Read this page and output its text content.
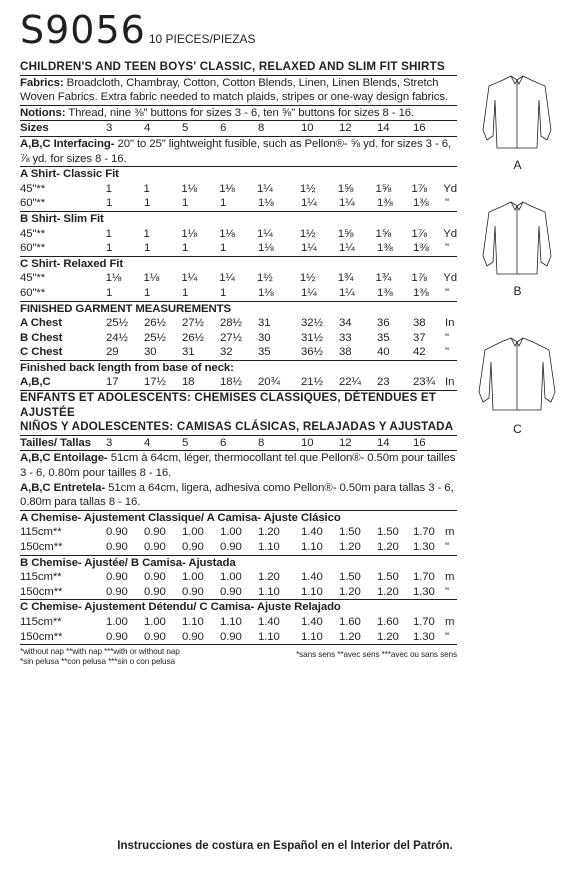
S9056 10 PIECES/PIEZAS
CHILDREN'S AND TEEN BOYS' CLASSIC, RELAXED AND SLIM FIT SHIRTS

Fabrics: Broadcloth, Chambray, Cotton, Cotton Blends, Linen, Linen Blends, Stretch Woven Fabrics. Extra fabric needed to match plaids, stripes or one-way design fabrics.

Notions: Thread, nine ⅜" buttons for sizes 3 - 6, ten ⅝" buttons for sizes 8 - 16.

Sizes	3	4	5	6	8	10	12	14	16

A,B,C Interfacing- 20" to 25" lightweight fusible, such as Pellon®- ⅝ yd. for sizes 3 - 6, ⅞ yd. for sizes 8 - 16.

A Shirt- Classic Fit
45"**	1	1	1⅛	1⅛	1¼	1½	1⅝	1⅝	1⅞	Yd
60"**	1	1	1	1	1⅛	1¼	1¼	1⅜	1⅜	"
B Shirt- Slim Fit
45"**	1	1	1⅛	1⅛	1¼	1½	1⅝	1⅝	1⅞	Yd
60"**	1	1	1	1	1⅛	1¼	1¼	1⅜	1⅜	"
C Shirt- Relaxed Fit
45"**	1⅛	1⅛	1¼	1¼	1½	1½	1¾	1¾	1⅞	Yd
60"**	1	1	1	1	1⅛	1¼	1¼	1⅜	1⅜	"
FINISHED GARMENT MEASUREMENTS
A Chest	25½	26½	27½	28½	31	32½	34	36	38	In
B Chest	24½	25½	26½	27½	30	31½	33	35	37	"
C Chest	29	30	31	32	35	36½	38	40	42	"
Finished back length from base of neck:
A,B,C	17	17½	18	18½	20¾	21½	22¼	23	23¾ In
ENFANTS ET ADOLESCENTS: CHEMISES CLASSIQUES, DÉTENDUES ET AJUSTÉE
NIÑOS Y ADOLESCENTES: CAMISAS CLÁSICAS, RELAJADAS Y AJUSTADA
Tailles/ Tallas	3	4	5	6	8	10	12	14	16

A,B,C Entoilage- 51cm à 64cm, léger, thermocollant tel que Pellon®- 0.50m pour tailles 3 - 6, 0.80m pour tailles 8 - 16.

A,B,C Entretela- 51cm a 64cm, ligera, adhesiva como Pellon®- 0.50m para tallas 3 - 6, 0.80m para tallas 8 - 16.

A Chemise- Ajustement Classique/ A Camisa- Ajuste Clásico
115cm**	0.90	0.90	1.00	1.00	1.20	1.40	1.50	1.50	1.70 m
150cm**	0.90	0.90	0.90	0.90	1.10	1.10	1.20	1.20	1.30 "
B Chemise- Ajustée/ B Camisa- Ajustada
115cm**	0.90	0.90	1.00	1.00	1.20	1.40	1.50	1.50	1.70 m
150cm**	0.90	0.90	0.90	0.90	1.10	1.10	1.20	1.20	1.30 "
C Chemise- Ajustement Détendu/ C Camisa- Ajuste Relajado
115cm**	1.00	1.00	1.10	1.10	1.40	1.40	1.60	1.60	1.70 m
150cm**	0.90	0.90	0.90	0.90	1.10	1.10	1.20	1.20	1.30 "
*without nap **with nap ***with or without nap
*sin pelusa **con pelusa ***sin o con pelusa
*sans sens **avec sens ***avec ou sans sens
A
B
C
Instrucciones de costura en Español en el Interior del Patrón.
